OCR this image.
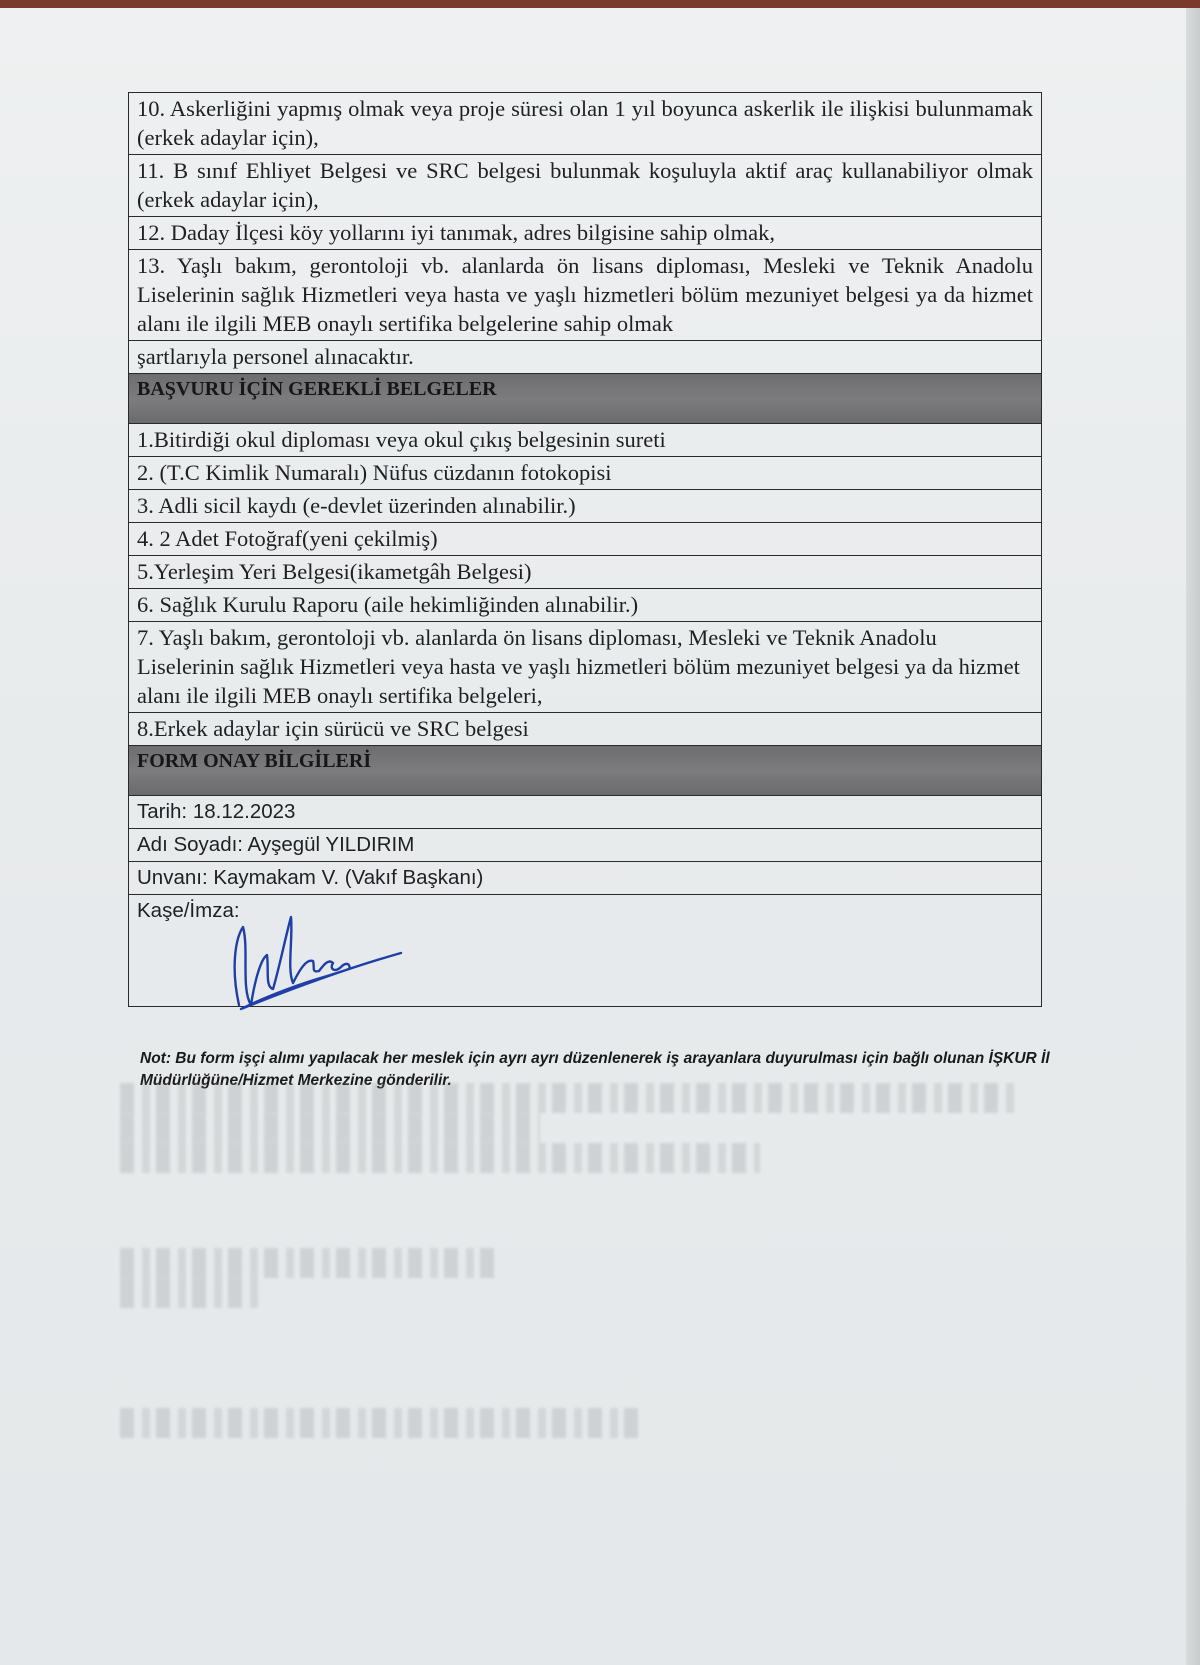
10. Askerliğini yapmış olmak veya proje süresi olan 1 yıl boyunca askerlik ile ilişkisi bulunmamak (erkek adaylar için),
11. B sınıf Ehliyet Belgesi ve SRC belgesi bulunmak koşuluyla aktif araç kullanabiliyor olmak (erkek adaylar için),
12. Daday İlçesi köy yollarını iyi tanımak, adres bilgisine sahip olmak,
13. Yaşlı bakım, gerontoloji vb. alanlarda ön lisans diploması, Mesleki ve Teknik Anadolu Liselerinin sağlık Hizmetleri veya hasta ve yaşlı hizmetleri bölüm mezuniyet belgesi ya da hizmet alanı ile ilgili MEB onaylı sertifika belgelerine sahip olmak
şartlarıyla personel alınacaktır.
BAŞVURU İÇİN GEREKLİ BELGELER
1.Bitirdiği okul diploması veya okul çıkış belgesinin sureti
2. (T.C Kimlik Numaralı) Nüfus cüzdanın fotokopisi
3. Adli sicil kaydı (e-devlet üzerinden alınabilir.)
4. 2 Adet Fotoğraf(yeni çekilmiş)
5.Yerleşim Yeri Belgesi(ikametgâh Belgesi)
6. Sağlık Kurulu Raporu (aile hekimliğinden alınabilir.)
7. Yaşlı bakım, gerontoloji vb. alanlarda ön lisans diploması, Mesleki ve Teknik Anadolu Liselerinin sağlık Hizmetleri veya hasta ve yaşlı hizmetleri bölüm mezuniyet belgesi ya da hizmet alanı ile ilgili MEB onaylı sertifika belgeleri,
8.Erkek adaylar için sürücü ve SRC belgesi
FORM ONAY BİLGİLERİ
Tarih: 18.12.2023
Adı Soyadı: Ayşegül YILDIRIM
Unvanı: Kaymakam V. (Vakıf Başkanı)
Kaşe/İmza:
Not: Bu form işçi alımı yapılacak her meslek için ayrı ayrı düzenlenerek iş arayanlara duyurulması için bağlı olunan İŞKUR İl Müdürlüğüne/Hizmet Merkezine gönderilir.
